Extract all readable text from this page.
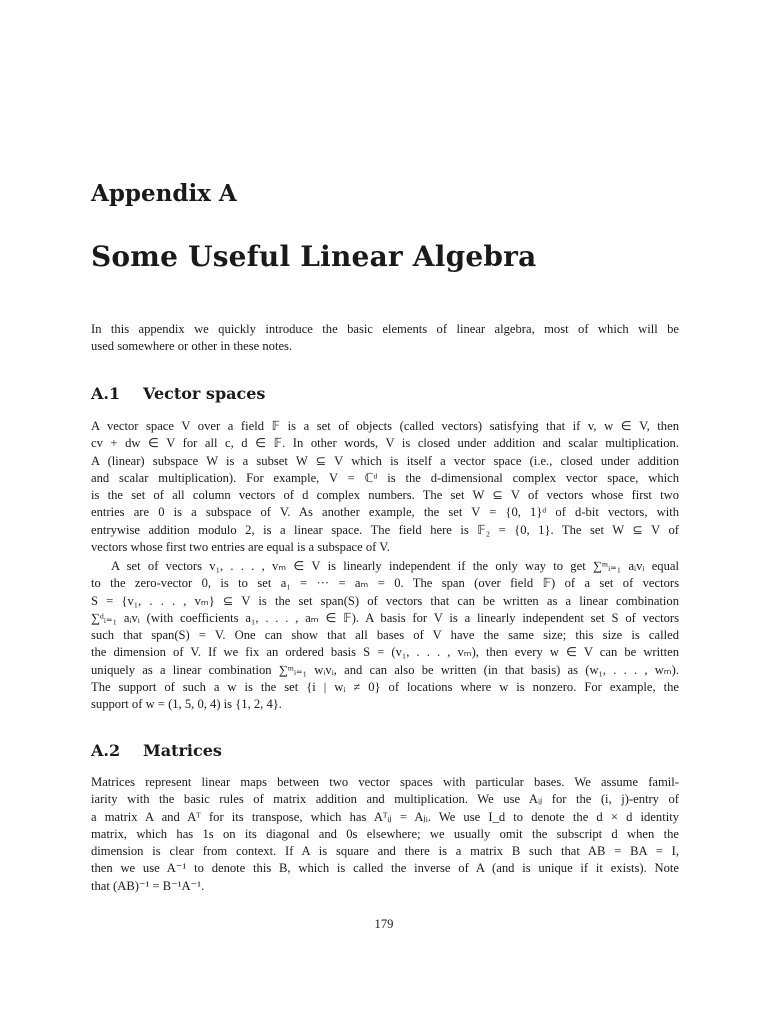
Appendix A
Some Useful Linear Algebra
In this appendix we quickly introduce the basic elements of linear algebra, most of which will be
used somewhere or other in these notes.
A.1 Vector spaces
A vector space V over a field 𝔽 is a set of objects (called vectors) satisfying that if v, w ∈ V, then
cv + dw ∈ V for all c, d ∈ 𝔽. In other words, V is closed under addition and scalar multiplication.
A (linear) subspace W is a subset W ⊆ V which is itself a vector space (i.e., closed under addition
and scalar multiplication). For example, V = ℂᵈ is the d-dimensional complex vector space, which
is the set of all column vectors of d complex numbers. The set W ⊆ V of vectors whose first two
entries are 0 is a subspace of V. As another example, the set V = {0, 1}ᵈ of d-bit vectors, with
entrywise addition modulo 2, is a linear space. The field here is 𝔽₂ = {0, 1}. The set W ⊆ V of
vectors whose first two entries are equal is a subspace of V.
A set of vectors v₁, . . . , vₘ ∈ V is linearly independent if the only way to get ∑ᵐᵢ₌₁ aᵢvᵢ equal
to the zero-vector 0, is to set a₁ = ··· = aₘ = 0. The span (over field 𝔽) of a set of vectors
S = {v₁, . . . , vₘ} ⊆ V is the set span(S) of vectors that can be written as a linear combination
∑ᵈᵢ₌₁ aᵢvᵢ (with coefficients a₁, . . . , aₘ ∈ 𝔽). A basis for V is a linearly independent set S of vectors
such that span(S) = V. One can show that all bases of V have the same size; this size is called
the dimension of V. If we fix an ordered basis S = (v₁, . . . , vₘ), then every w ∈ V can be written
uniquely as a linear combination ∑ᵐᵢ₌₁ wᵢvᵢ, and can also be written (in that basis) as (w₁, . . . , wₘ).
The support of such a w is the set {i | wᵢ ≠ 0} of locations where w is nonzero. For example, the
support of w = (1, 5, 0, 4) is {1, 2, 4}.
A.2 Matrices
Matrices represent linear maps between two vector spaces with particular bases. We assume famil-
iarity with the basic rules of matrix addition and multiplication. We use Aᵢⱼ for the (i, j)-entry of
a matrix A and Aᵀ for its transpose, which has Aᵀᵢⱼ = Aⱼᵢ. We use I_d to denote the d × d identity
matrix, which has 1s on its diagonal and 0s elsewhere; we usually omit the subscript d when the
dimension is clear from context. If A is square and there is a matrix B such that AB = BA = I,
then we use A⁻¹ to denote this B, which is called the inverse of A (and is unique if it exists). Note
that (AB)⁻¹ = B⁻¹A⁻¹.
179
